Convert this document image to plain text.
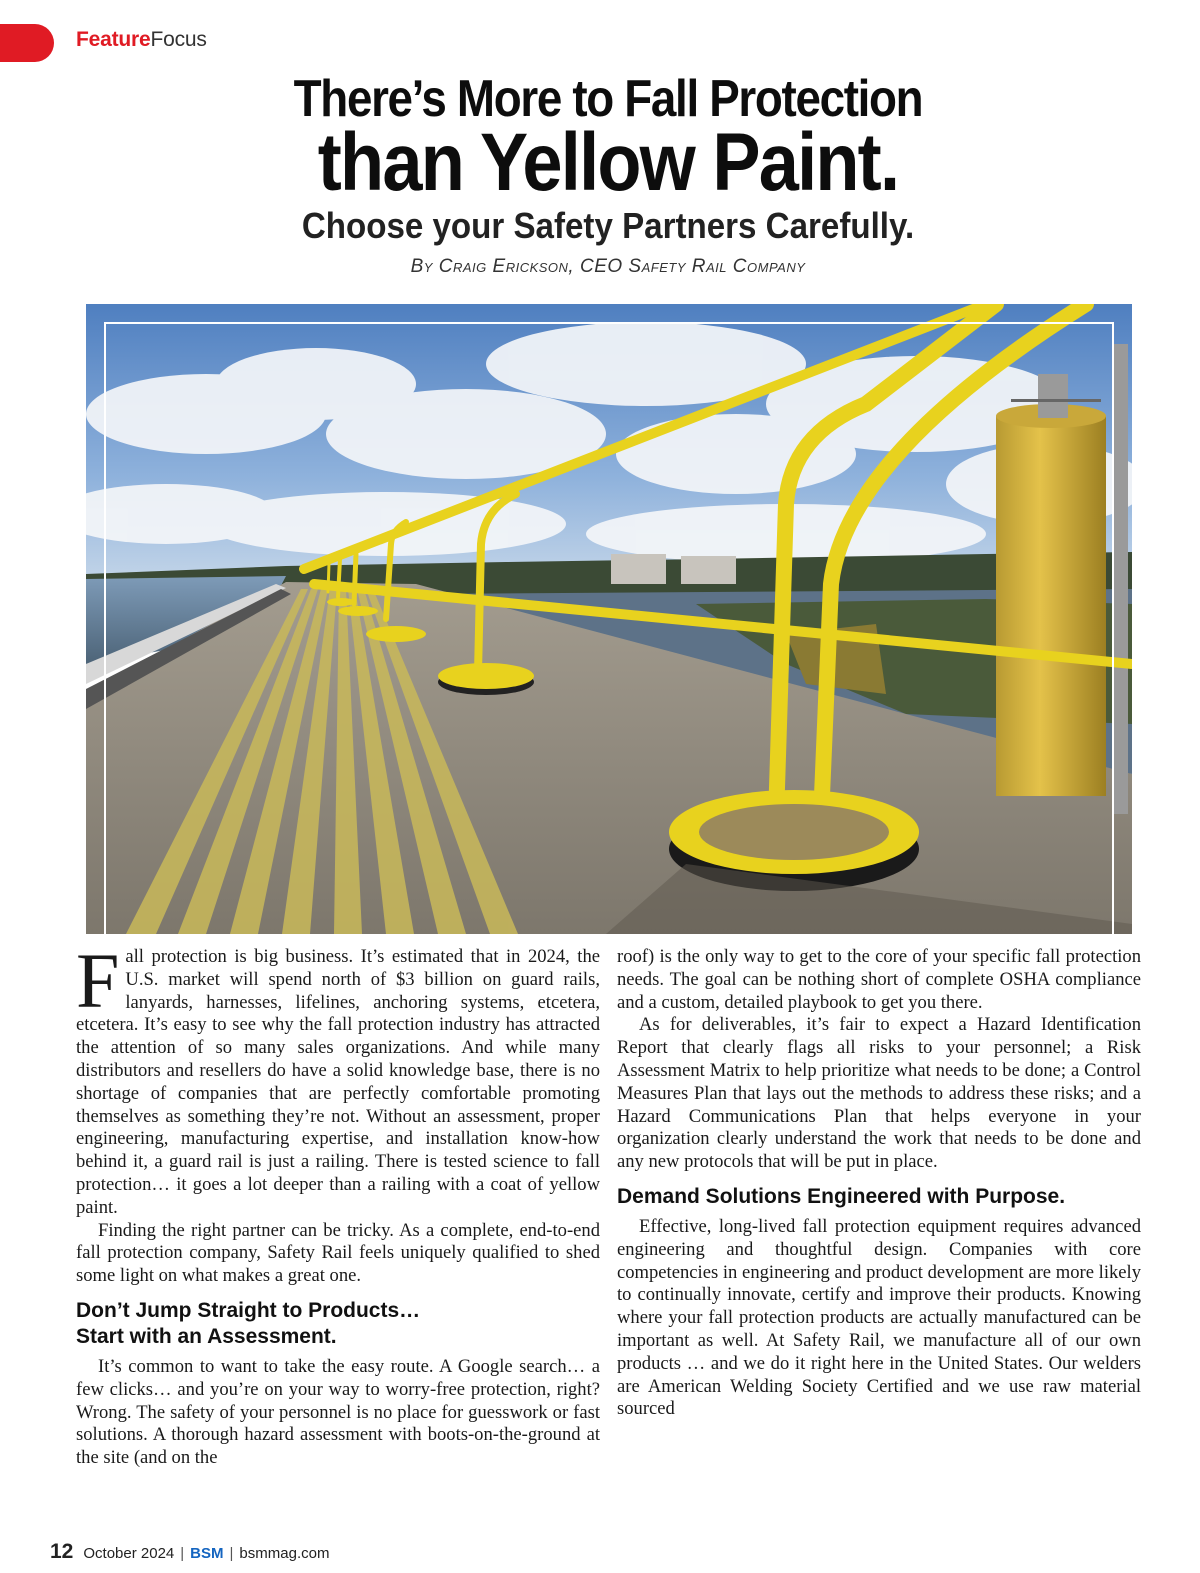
FeatureFocus
There’s More to Fall Protection
than Yellow Paint.
Choose your Safety Partners Carefully.
By Craig Erickson, CEO Safety Rail Company

Fall protection is big business. It’s estimated that in 2024, the U.S. market will spend north of $3 billion on guard rails, lanyards, harnesses, lifelines, anchoring systems, etcetera, etcetera. It’s easy to see why the fall protection industry has attracted the attention of so many sales organizations. And while many distributors and resellers do have a solid knowledge base, there is no shortage of companies that are perfectly comfortable promoting themselves as something they’re not. Without an assessment, proper engineering, manufacturing expertise, and installation know-how behind it, a guard rail is just a railing. There is tested science to fall protection… it goes a lot deeper than a railing with a coat of yellow paint.

Finding the right partner can be tricky. As a complete, end-to-end fall protection company, Safety Rail feels uniquely qualified to shed some light on what makes a great one.

Don’t Jump Straight to Products…
Start with an Assessment.

It’s common to want to take the easy route. A Google search… a few clicks… and you’re on your way to worry-free protection, right? Wrong. The safety of your personnel is no place for guesswork or fast solutions. A thorough hazard assessment with boots-on-the-ground at the site (and on the

roof) is the only way to get to the core of your specific fall protection needs. The goal can be nothing short of complete OSHA compliance and a custom, detailed playbook to get you there.

As for deliverables, it’s fair to expect a Hazard Identification Report that clearly flags all risks to your personnel; a Risk Assessment Matrix to help prioritize what needs to be done; a Control Measures Plan that lays out the methods to address these risks; and a Hazard Communications Plan that helps everyone in your organization clearly understand the work that needs to be done and any new protocols that will be put in place.

Demand Solutions Engineered with Purpose.

Effective, long-lived fall protection equipment requires advanced engineering and thoughtful design. Companies with core competencies in engineering and product development are more likely to continually innovate, certify and improve their products. Knowing where your fall protection products are actually manufactured can be important as well. At Safety Rail, we manufacture all of our own products … and we do it right here in the United States. Our welders are American Welding Society Certified and we use raw material sourced

12 October 2024 | BSM | bsmmag.com
